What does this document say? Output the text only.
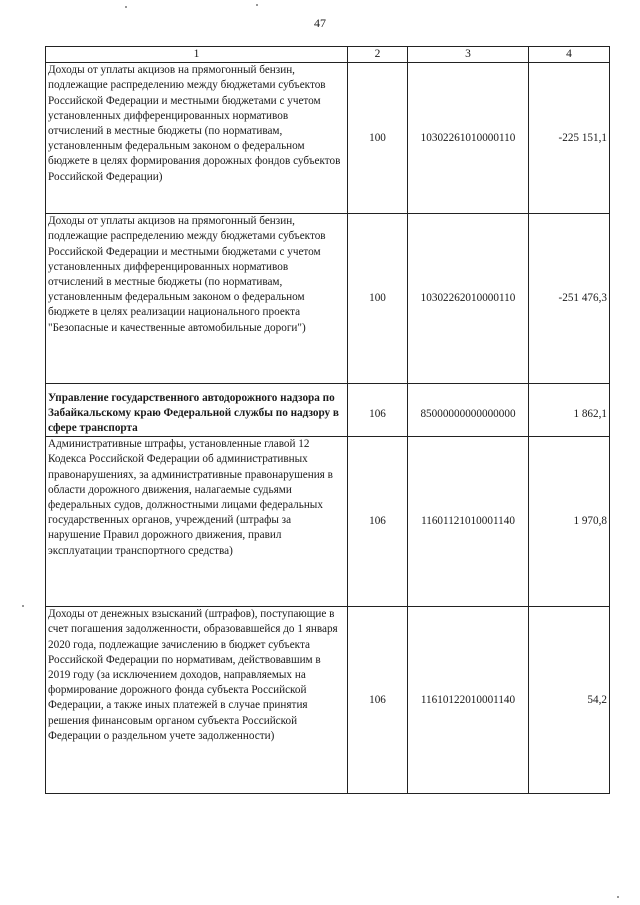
47
1	2	3	4
Доходы от уплаты акцизов на прямогонный бензин, подлежащие распределению между бюджетами субъектов Российской Федерации и местными бюджетами с учетом установленных дифференцированных нормативов отчислений в местные бюджеты (по нормативам, установленным федеральным законом о федеральном бюджете в целях формирования дорожных фондов субъектов Российской Федерации)	100	10302261010000110	-225 151,1
Доходы от уплаты акцизов на прямогонный бензин, подлежащие распределению между бюджетами субъектов Российской Федерации и местными бюджетами с учетом установленных дифференцированных нормативов отчислений в местные бюджеты (по нормативам, установленным федеральным законом о федеральном бюджете в целях реализации национального проекта "Безопасные и качественные автомобильные дороги")	100	10302262010000110	-251 476,3
Управление государственного автодорожного надзора по Забайкальскому краю Федеральной службы по надзору в сфере транспорта	106	85000000000000000	1 862,1
Административные штрафы, установленные главой 12 Кодекса Российской Федерации об административных правонарушениях, за административные правонарушения в области дорожного движения, налагаемые судьями федеральных судов, должностными лицами федеральных государственных органов, учреждений (штрафы за нарушение Правил дорожного движения, правил эксплуатации транспортного средства)	106	11601121010001140	1 970,8
Доходы от денежных взысканий (штрафов), поступающие в счет погашения задолженности, образовавшейся до 1 января 2020 года, подлежащие зачислению в бюджет субъекта Российской Федерации по нормативам, действовавшим в 2019 году (за исключением доходов, направляемых на формирование дорожного фонда субъекта Российской Федерации, а также иных платежей в случае принятия решения финансовым органом субъекта Российской Федерации о раздельном учете задолженности)	106	11610122010001140	54,2
